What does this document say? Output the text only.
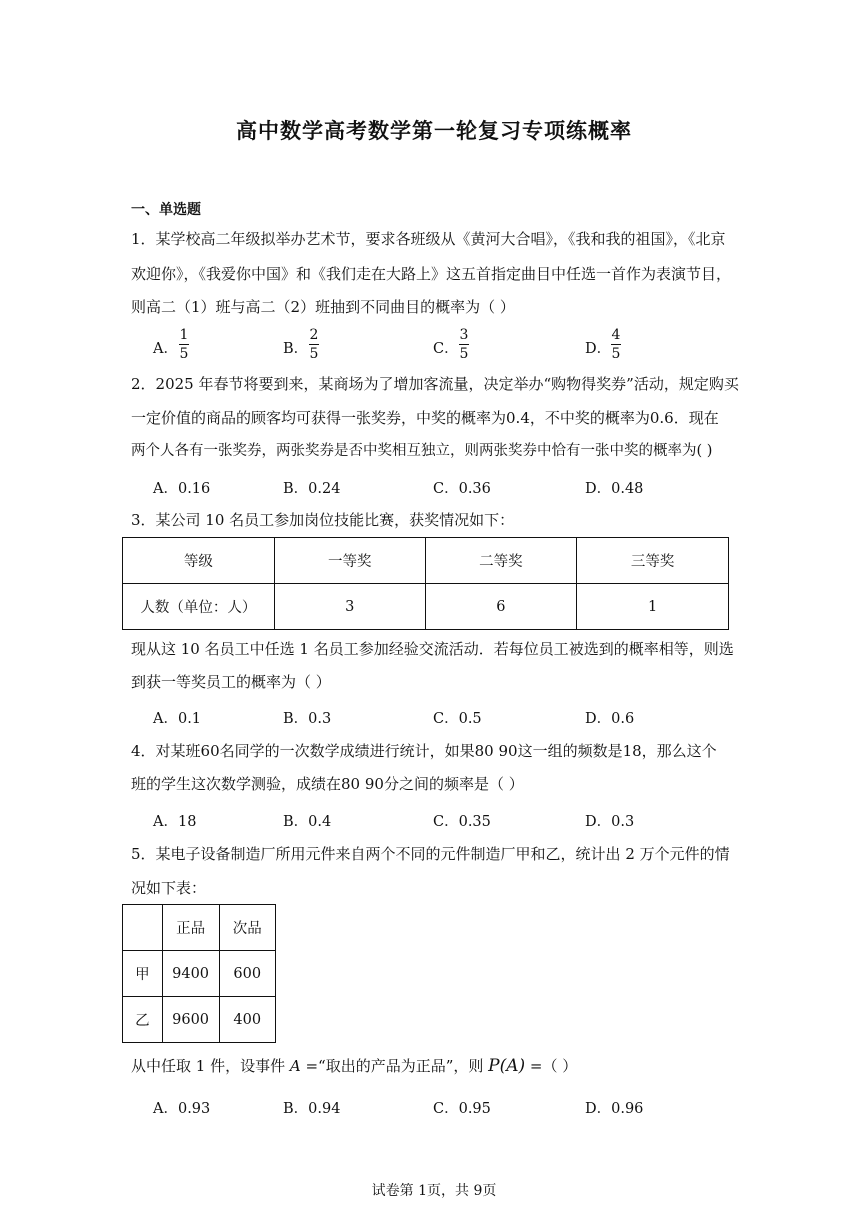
高中数学高考数学第一轮复习专项练概率
一、单选题
1．某学校高二年级拟举办艺术节，要求各班级从《黄河大合唱》，《我和我的祖国》，《北京
欢迎你》，《我爱你中国》和《我们走在大路上》这五首指定曲目中任选一首作为表演节目，
则高二（1）班与高二（2）班抽到不同曲目的概率为（ ）
A．
1
5	B．
2
5	C．
3
5	D．
4
5
2．2025 年春节将要到来，某商场为了增加客流量，决定举办“购物得奖券”活动，规定购买
一定价值的商品的顾客均可获得一张奖券，中奖的概率为0.4，不中奖的概率为0.6．现在
两个人各有一张奖券，两张奖券是否中奖相互独立，则两张奖券中恰有一张中奖的概率为( )
A．0.16	B．0.24	C．0.36	D．0.48
3．某公司 10 名员工参加岗位技能比赛，获奖情况如下：
等级	一等奖	二等奖	三等奖
人数（单位：人）	3	6	1
现从这 10 名员工中任选 1 名员工参加经验交流活动．若每位员工被选到的概率相等，则选
到获一等奖员工的概率为（ ）
A．0.1	B．0.3	C．0.5	D．0.6
4．对某班60名同学的一次数学成绩进行统计，如果80 90这一组的频数是18，那么这个
班的学生这次数学测验，成绩在80 90分之间的频率是（ ）
A．18	B．0.4	C．0.35	D．0.3
5．某电子设备制造厂所用元件来自两个不同的元件制造厂甲和乙，统计出 2 万个元件的情
况如下表：
	正品	次品
甲	9400	600
乙	9600	400
从中任取 1 件，设事件 A =“取出的产品为正品”，则 P(A) =（ ）
A．0.93	B．0.94	C．0.95	D．0.96
试卷第 1页，共 9页
